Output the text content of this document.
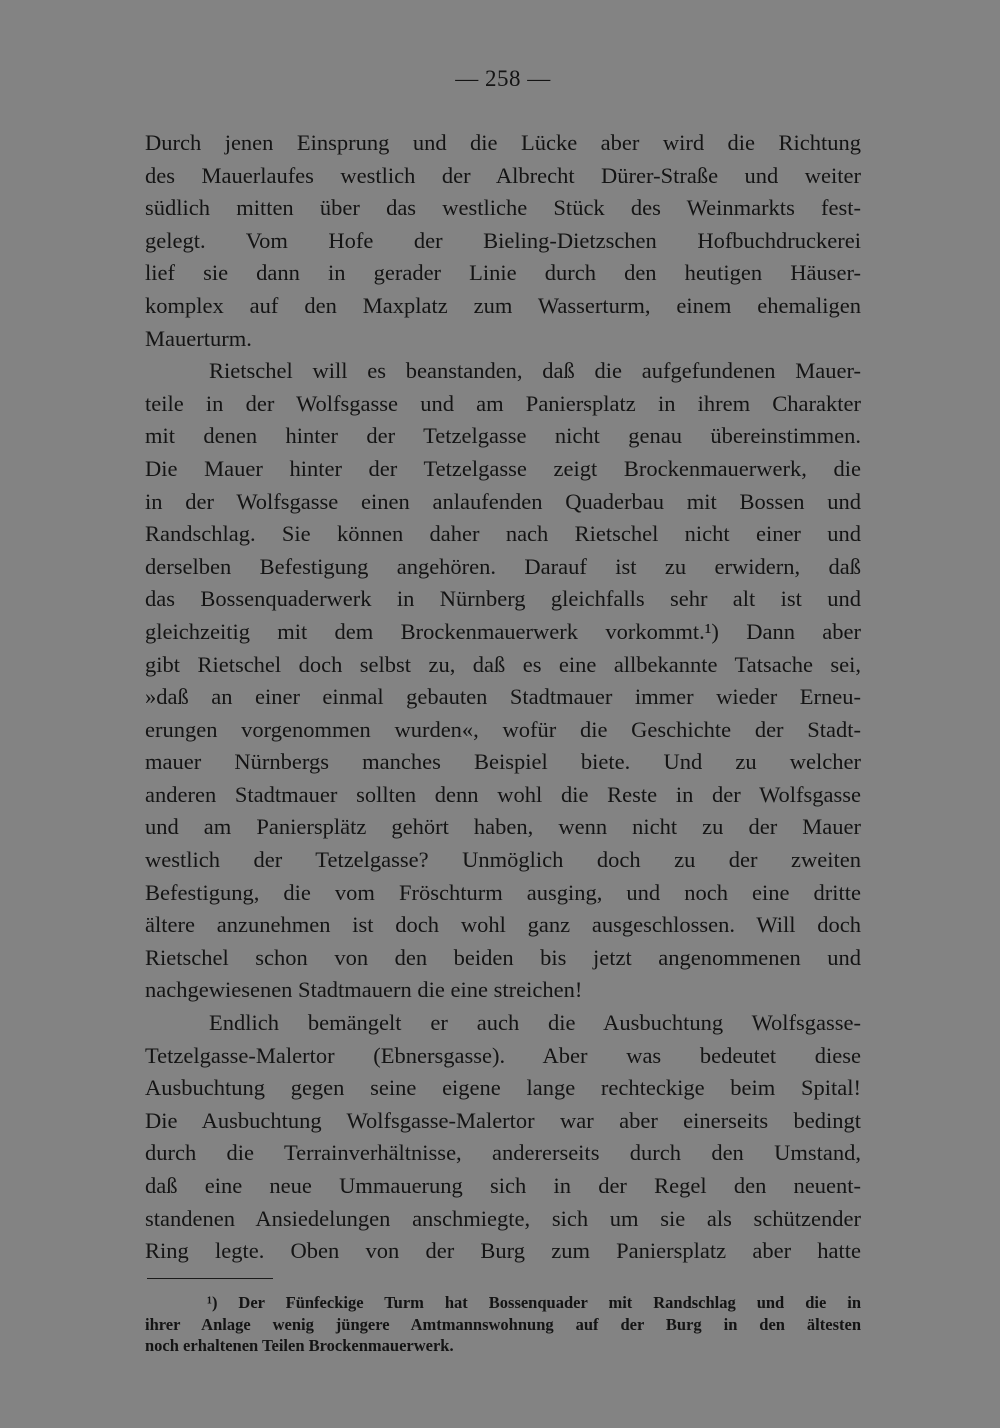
— 258 —
Durch jenen Einsprung und die Lücke aber wird die Richtung
des Mauerlaufes westlich der Albrecht Dürer-Straße und weiter
südlich mitten über das westliche Stück des Weinmarkts fest-
gelegt. Vom Hofe der Bieling-Dietzschen Hofbuchdruckerei
lief sie dann in gerader Linie durch den heutigen Häuser-
komplex auf den Maxplatz zum Wasserturm, einem ehemaligen
Mauerturm.
Rietschel will es beanstanden, daß die aufgefundenen Mauer-
teile in der Wolfsgasse und am Paniersplatz in ihrem Charakter
mit denen hinter der Tetzelgasse nicht genau übereinstimmen.
Die Mauer hinter der Tetzelgasse zeigt Brockenmauerwerk, die
in der Wolfsgasse einen anlaufenden Quaderbau mit Bossen und
Randschlag. Sie können daher nach Rietschel nicht einer und
derselben Befestigung angehören. Darauf ist zu erwidern, daß
das Bossenquaderwerk in Nürnberg gleichfalls sehr alt ist und
gleichzeitig mit dem Brockenmauerwerk vorkommt.¹) Dann aber
gibt Rietschel doch selbst zu, daß es eine allbekannte Tatsache sei,
»daß an einer einmal gebauten Stadtmauer immer wieder Erneu-
erungen vorgenommen wurden«, wofür die Geschichte der Stadt-
mauer Nürnbergs manches Beispiel biete. Und zu welcher
anderen Stadtmauer sollten denn wohl die Reste in der Wolfsgasse
und am Paniersplätz gehört haben, wenn nicht zu der Mauer
westlich der Tetzelgasse? Unmöglich doch zu der zweiten
Befestigung, die vom Fröschturm ausging, und noch eine dritte
ältere anzunehmen ist doch wohl ganz ausgeschlossen. Will doch
Rietschel schon von den beiden bis jetzt angenommenen und
nachgewiesenen Stadtmauern die eine streichen!
Endlich bemängelt er auch die Ausbuchtung Wolfsgasse-
Tetzelgasse-Malertor (Ebnersgasse). Aber was bedeutet diese
Ausbuchtung gegen seine eigene lange rechteckige beim Spital!
Die Ausbuchtung Wolfsgasse-Malertor war aber einerseits bedingt
durch die Terrainverhältnisse, andererseits durch den Umstand,
daß eine neue Ummauerung sich in der Regel den neuent-
standenen Ansiedelungen anschmiegte, sich um sie als schützender
Ring legte. Oben von der Burg zum Paniersplatz aber hatte
¹) Der Fünfeckige Turm hat Bossenquader mit Randschlag und die in
ihrer Anlage wenig jüngere Amtmannswohnung auf der Burg in den ältesten
noch erhaltenen Teilen Brockenmauerwerk.
